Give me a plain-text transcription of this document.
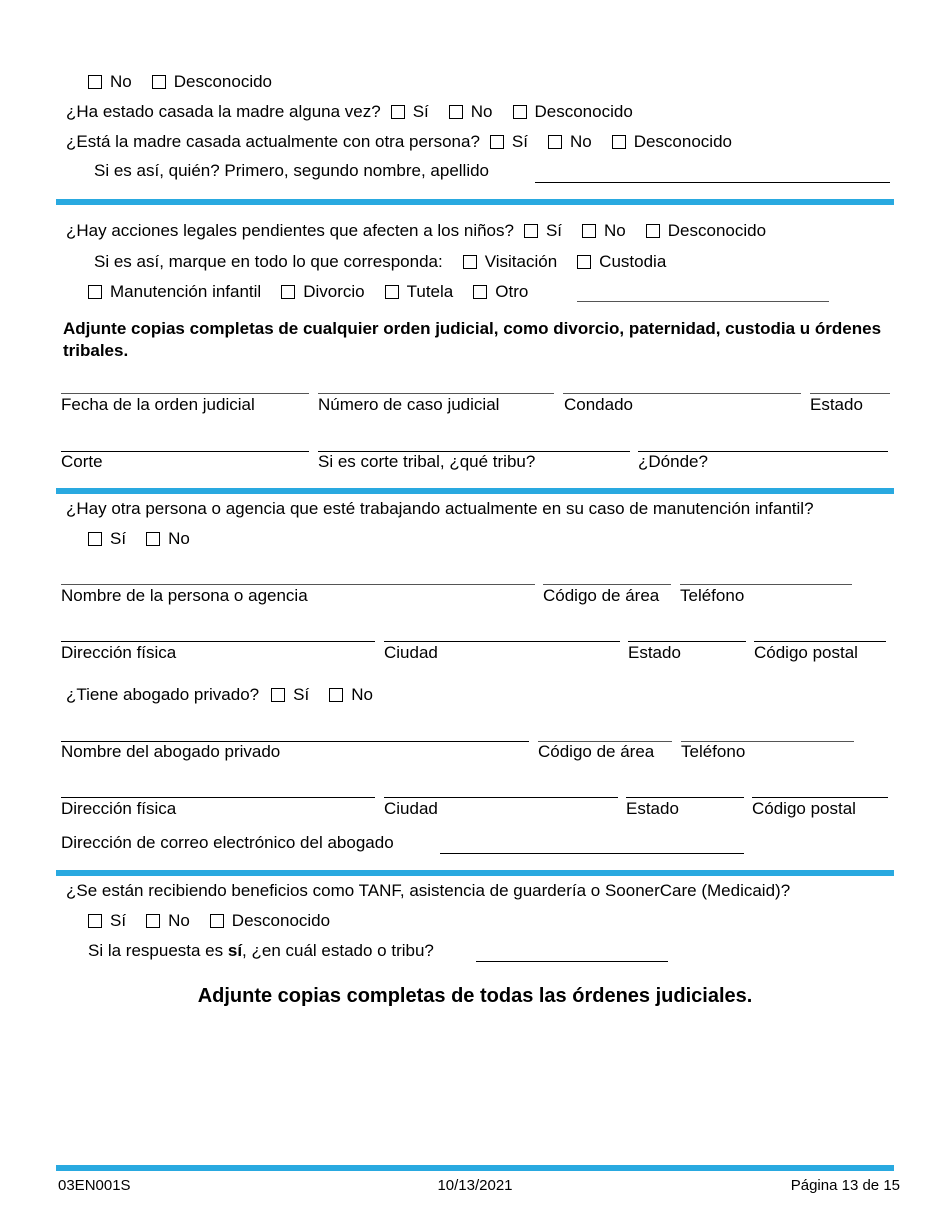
No Desconocido
¿Ha estado casada la madre alguna vez? Sí No Desconocido
¿Está la madre casada actualmente con otra persona? Sí No Desconocido
Si es así, quién? Primero, segundo nombre, apellido
¿Hay acciones legales pendientes que afecten a los niños? Sí No Desconocido
Si es así, marque en todo lo que corresponda: Visitación Custodia
Manutención infantil Divorcio Tutela Otro
Adjunte copias completas de cualquier orden judicial, como divorcio, paternidad, custodia u órdenes tribales.
Fecha de la orden judicial	Número de caso judicial	Condado	Estado
Corte	Si es corte tribal, ¿qué tribu?	¿Dónde?
¿Hay otra persona o agencia que esté trabajando actualmente en su caso de manutención infantil?
Sí No
Nombre de la persona o agencia	Código de área Teléfono
Dirección física	Ciudad	Estado	Código postal
¿Tiene abogado privado? Sí No
Nombre del abogado privado	Código de área Teléfono
Dirección física	Ciudad	Estado	Código postal
Dirección de correo electrónico del abogado
¿Se están recibiendo beneficios como TANF, asistencia de guardería o SoonerCare (Medicaid)?
Sí No Desconocido
Si la respuesta es sí, ¿en cuál estado o tribu?
Adjunte copias completas de todas las órdenes judiciales.
03EN001S	10/13/2021	Página 13 de 15
